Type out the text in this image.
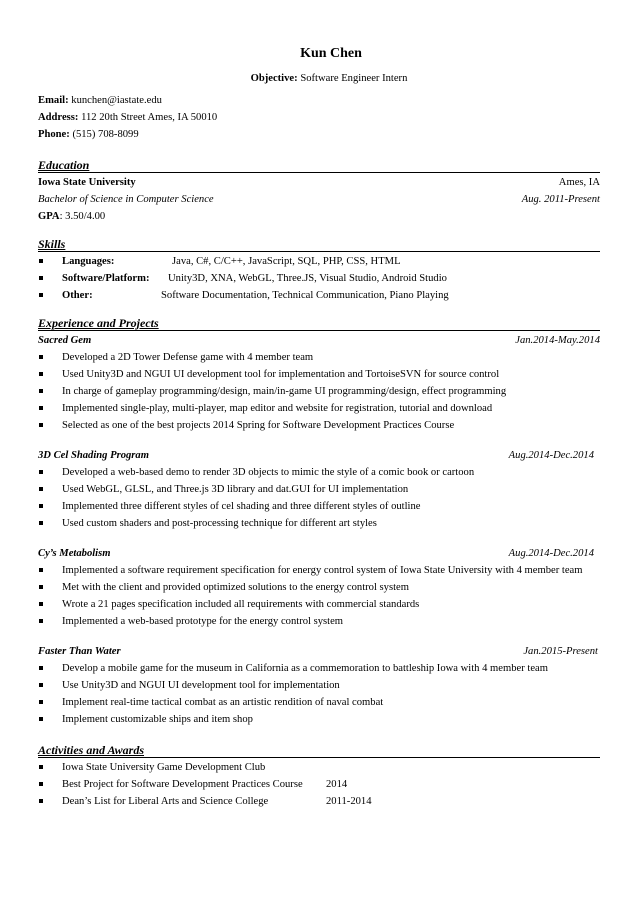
Kun Chen
Objective: Software Engineer Intern
Email: kunchen@iastate.edu
Address: 112 20th Street Ames, IA 50010
Phone: (515) 708-8099
Education
Iowa State University	Ames, IA
Bachelor of Science in Computer Science	Aug. 2011-Present
GPA: 3.50/4.00
Skills
Languages:	Java, C#, C/C++, JavaScript, SQL, PHP, CSS, HTML
Software/Platform:	Unity3D, XNA, WebGL, Three.JS, Visual Studio, Android Studio
Other:	Software Documentation, Technical Communication, Piano Playing
Experience and Projects
Sacred Gem	Jan.2014-May.2014
Developed a 2D Tower Defense game with 4 member team
Used Unity3D and NGUI UI development tool for implementation and TortoiseSVN for source control
In charge of gameplay programming/design, main/in-game UI programming/design, effect programming
Implemented single-play, multi-player, map editor and website for registration, tutorial and download
Selected as one of the best projects 2014 Spring for Software Development Practices Course
3D Cel Shading Program	Aug.2014-Dec.2014
Developed a web-based demo to render 3D objects to mimic the style of a comic book or cartoon
Used WebGL, GLSL, and Three.js 3D library and dat.GUI for UI implementation
Implemented three different styles of cel shading and three different styles of outline
Used custom shaders and post-processing technique for different art styles
Cy’s Metabolism	Aug.2014-Dec.2014
Implemented a software requirement specification for energy control system of Iowa State University with 4 member team
Met with the client and provided optimized solutions to the energy control system
Wrote a 21 pages specification included all requirements with commercial standards
Implemented a web-based prototype for the energy control system
Faster Than Water	Jan.2015-Present
Develop a mobile game for the museum in California as a commemoration to battleship Iowa with 4 member team
Use Unity3D and NGUI UI development tool for implementation
Implement real-time tactical combat as an artistic rendition of naval combat
Implement customizable ships and item shop
Activities and Awards
Iowa State University Game Development Club
Best Project for Software Development Practices Course	2014
Dean’s List for Liberal Arts and Science College	2011-2014
